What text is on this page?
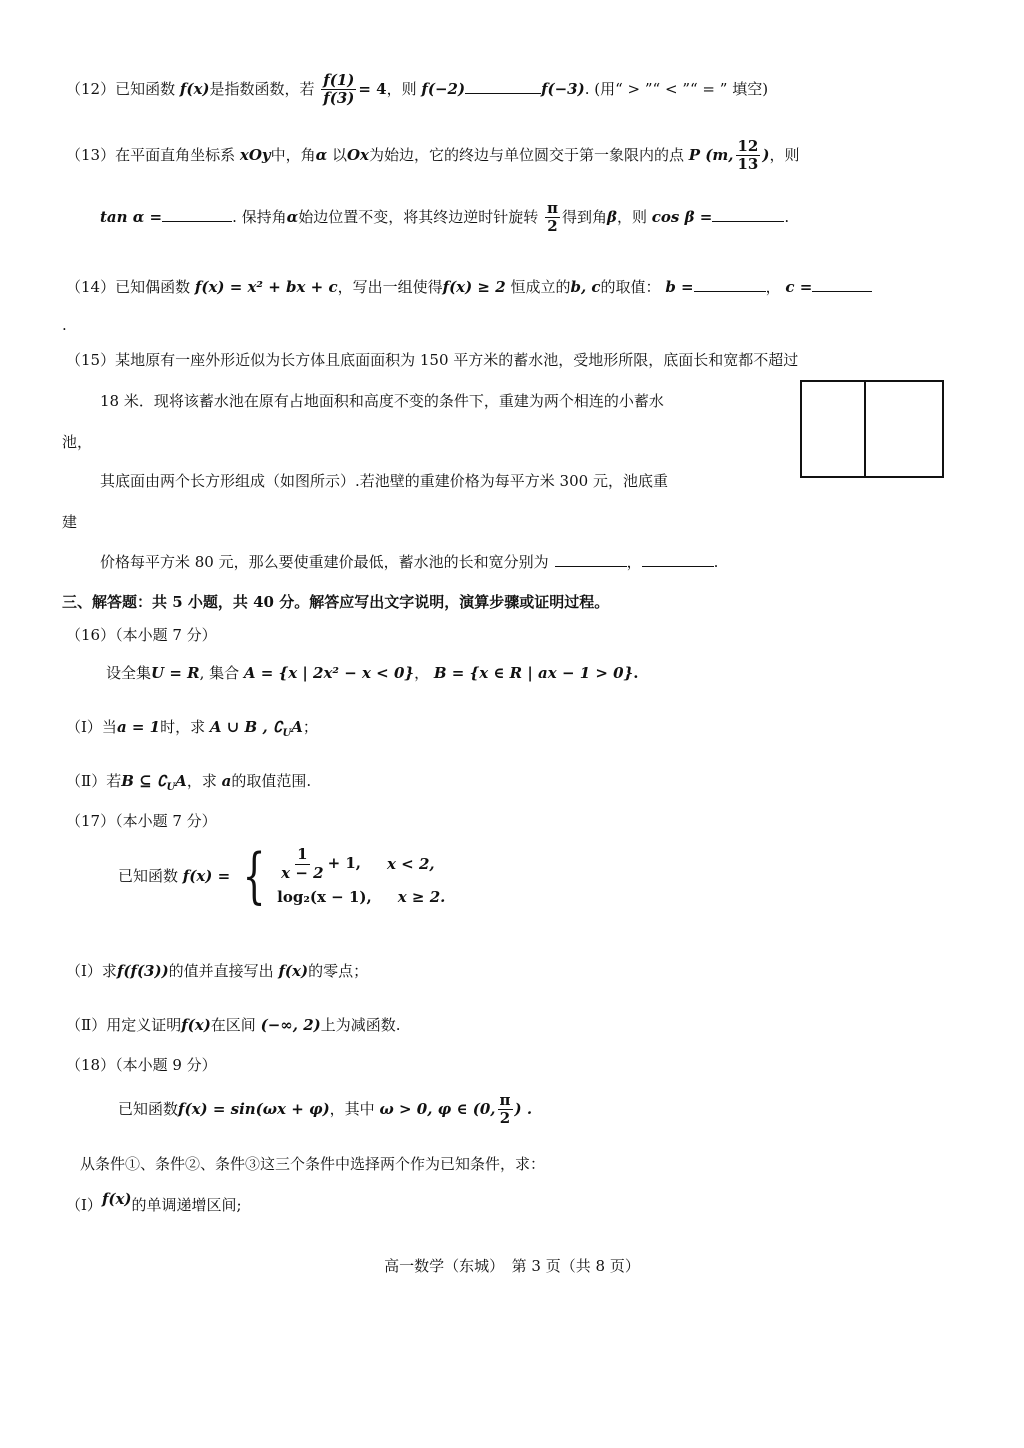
（12）已知函数 f(x)是指数函数，若 $\frac{f(1)}{f(3)} = 4$，则 f(−2)	f(−3). (用“ > ”“ < ”“ = ” 填空)
（13）在平面直角坐标系 xOy中，角α 以Ox为始边，它的终边与单位圆交于第一象限内的点 P (m, $\frac{12}{13}$ )，则
tan α =	. 保持角α始边位置不变，将其终边逆时针旋转 $\frac{\pi}{2}$ 得到角β，则 cos β =	.
（14）已知偶函数 f(x) = x² + bx + c，写出一组使得f(x) ≥ 2 恒成立的b, c的取值： b =	， c =
.
（15）某地原有一座外形近似为长方体且底面面积为 150 平方米的蓄水池，受地形所限，底面长和宽都不超过
18 米．现将该蓄水池在原有占地面积和高度不变的条件下，重建为两个相连的小蓄水
池，
其底面由两个长方形组成（如图所示）.若池壁的重建价格为每平方米 300 元，池底重
建
价格每平方米 80 元，那么要使重建价最低，蓄水池的长和宽分别为	，	.
三、解答题：共 5 小题，共 40 分。解答应写出文字说明，演算步骤或证明过程。
（16）（本小题 7 分）
设全集U = R, 集合 A = {x | 2x² − x < 0}， B = {x ∈ R | ax − 1 > 0}.
（Ⅰ）当a = 1时，求 A ∪ B , $∁_UA$；
（Ⅱ）若B ⊆ $∁_UA$，求 a的取值范围.
（17）（本小题 7 分）
已知函数 f(x) = { $\frac{1}{x - 2} + 1$, x < 2,
log₂(x − 1), x ≥ 2.
（Ⅰ）求f(f(3))的值并直接写出 f(x)的零点；
（Ⅱ）用定义证明f(x)在区间 (−∞, 2)上为减函数.
（18）（本小题 9 分）
已知函数f(x) = sin(ωx + φ)，其中 ω > 0, φ ∈ (0, $\frac{\pi}{2}$ ) .
从条件①、条件②、条件③这三个条件中选择两个作为已知条件，求：
（Ⅰ）f(x)的单调递增区间;
高一数学（东城）　第 3 页（共 8 页）
